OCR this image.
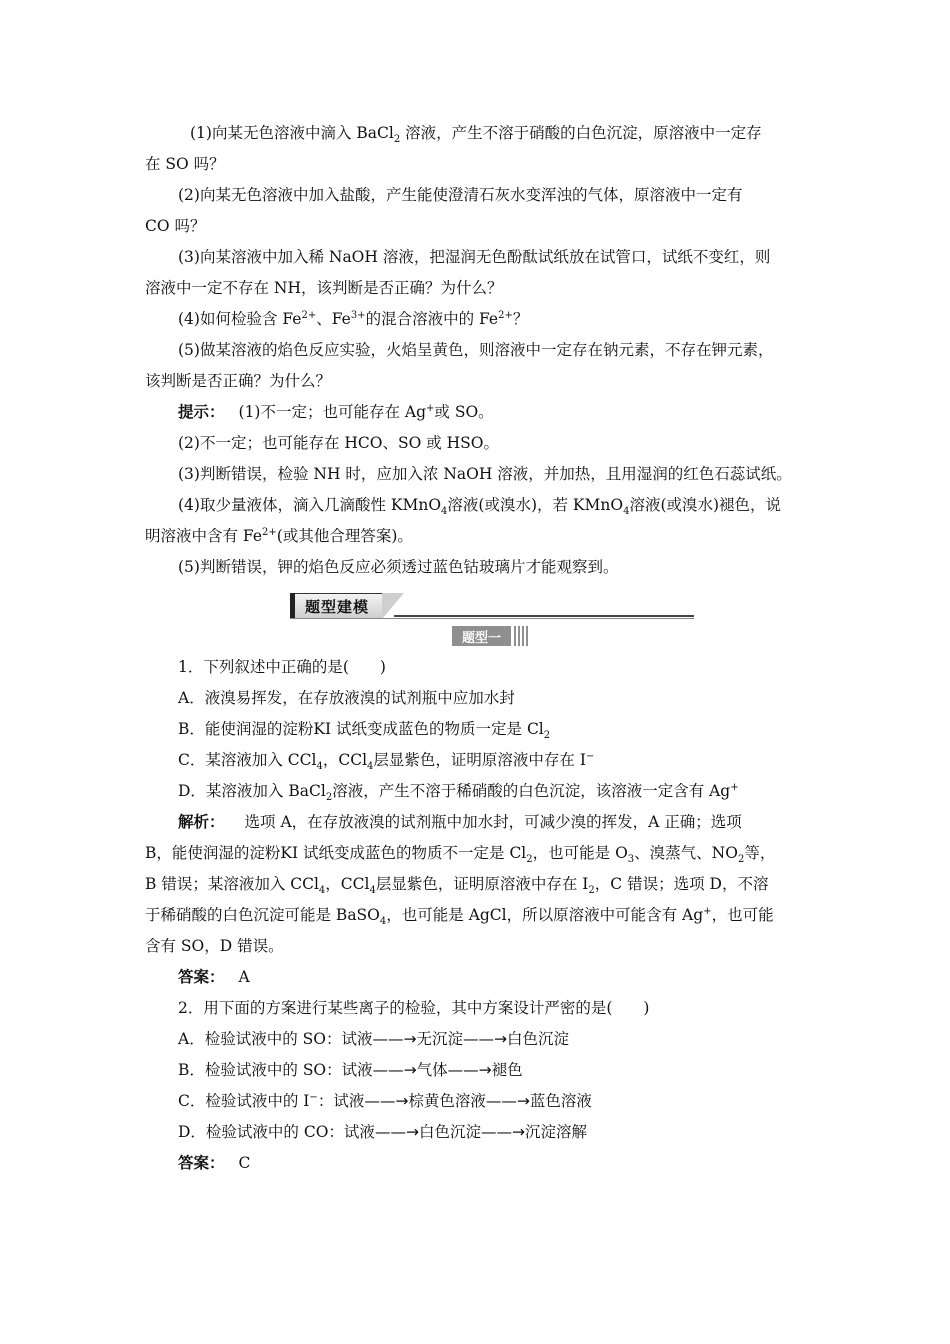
(1)向某无色溶液中滴入 BaCl$_2$ 溶液，产生不溶于硝酸的白色沉淀，原溶液中一定存
在 SO 吗？
(2)向某无色溶液中加入盐酸，产生能使澄清石灰水变浑浊的气体，原溶液中一定有
CO 吗？
(3)向某溶液中加入稀 NaOH 溶液，把湿润无色酚酞试纸放在试管口，试纸不变红，则
溶液中一定不存在 NH，该判断是否正确？为什么？
(4)如何检验含 $Fe^{2+}$、$Fe^{3+}$的混合溶液中的 $Fe^{2+}$？
(5)做某溶液的焰色反应实验，火焰呈黄色，则溶液中一定存在钠元素，不存在钾元素，
该判断是否正确？为什么？
提示： (1)不一定；也可能存在 Ag+或 SO。
(2)不一定；也可能存在 HCO、SO 或 HSO。
(3)判断错误，检验 NH 时，应加入浓 NaOH 溶液，并加热，且用湿润的红色石蕊试纸。
(4)取少量液体，滴入几滴酸性 KMnO$_4$溶液(或溴水)，若 KMnO$_4$溶液(或溴水)褪色，说
明溶液中含有 $Fe^{2+}$(或其他合理答案)。
(5)判断错误，钾的焰色反应必须透过蓝色钴玻璃片才能观察到。
题型建模
题型一
1．下列叙述中正确的是(　　)
A．液溴易挥发，在存放液溴的试剂瓶中应加水封
B．能使润湿的淀粉KI 试纸变成蓝色的物质一定是 $Cl_2$
C．某溶液加入 CCl$_4$，CCl$_4$层显紫色，证明原溶液中存在 I−
D．某溶液加入 BaCl$_2$溶液，产生不溶于稀硝酸的白色沉淀，该溶液一定含有 Ag+
解析： 选项 A，在存放液溴的试剂瓶中加水封，可减少溴的挥发，A 正确；选项
B，能使润湿的淀粉KI 试纸变成蓝色的物质不一定是 $Cl_2$，也可能是 $O_3$、溴蒸气、$NO_2$等，
B 错误；某溶液加入 CCl$_4$，CCl$_4$层显紫色，证明原溶液中存在 $I_2$，C 错误；选项 D，不溶
于稀硝酸的白色沉淀可能是 BaSO$_4$，也可能是 AgCl，所以原溶液中可能含有 Ag+，也可能
含有 SO，D 错误。
答案： A
2．用下面的方案进行某些离子的检验，其中方案设计严密的是(　　)
A．检验试液中的 SO：试液——→无沉淀——→白色沉淀
B．检验试液中的 SO：试液——→气体——→褪色
C．检验试液中的 I−：试液——→棕黄色溶液——→蓝色溶液
D．检验试液中的 CO：试液——→白色沉淀——→沉淀溶解
答案： C
